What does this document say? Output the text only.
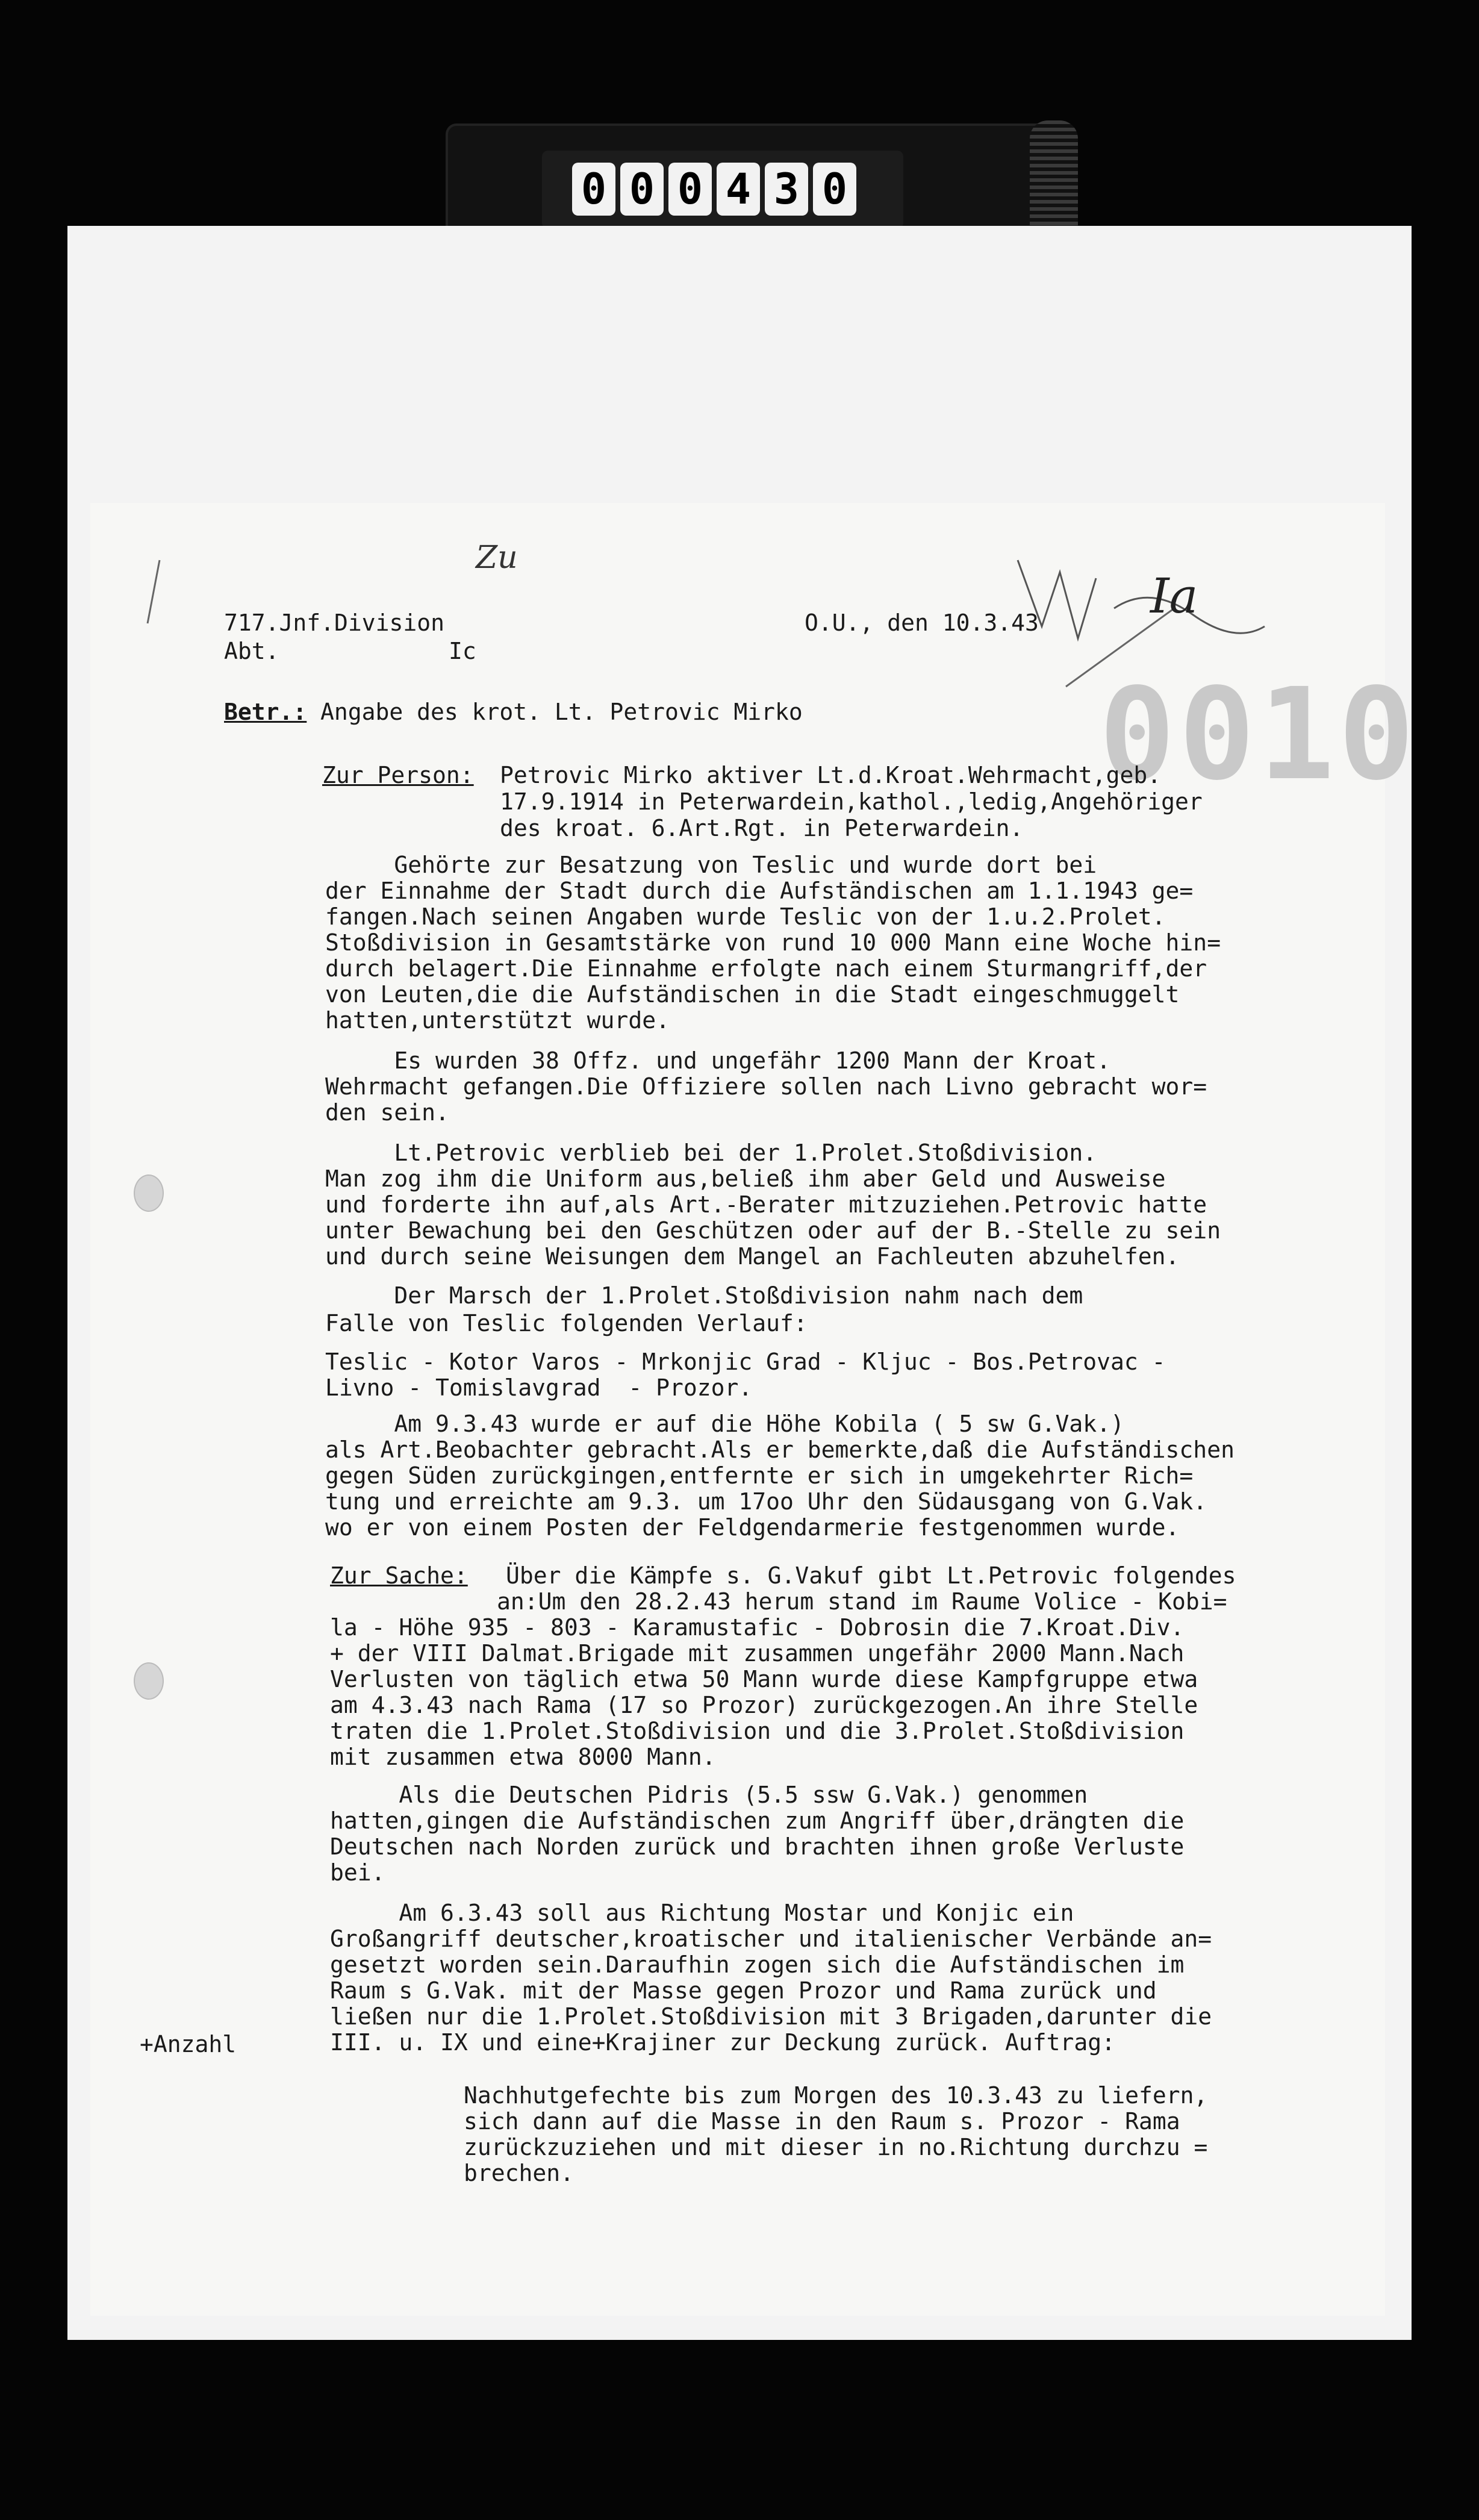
0 0 0 4 3 0
0010
Zu
Ia
717.Jnf.Division
Abt.	Ic
O.U., den 10.3.43
Betr.: Angabe des krot. Lt. Petrovic Mirko
Zur Person: Petrovic Mirko aktiver Lt.d.Kroat.Wehrmacht,geb.
17.9.1914 in Peterwardein,kathol.,ledig,Angehöriger
des kroat. 6.Art.Rgt. in Peterwardein.
Gehörte zur Besatzung von Teslic und wurde dort bei
der Einnahme der Stadt durch die Aufständischen am 1.1.1943 ge=
fangen.Nach seinen Angaben wurde Teslic von der 1.u.2.Prolet.
Stoßdivision in Gesamtstärke von rund 10 000 Mann eine Woche hin=
durch belagert.Die Einnahme erfolgte nach einem Sturmangriff,der
von Leuten,die die Aufständischen in die Stadt eingeschmuggelt
hatten,unterstützt wurde.
Es wurden 38 Offz. und ungefähr 1200 Mann der Kroat.
Wehrmacht gefangen.Die Offiziere sollen nach Livno gebracht wor=
den sein.
Lt.Petrovic verblieb bei der 1.Prolet.Stoßdivision.
Man zog ihm die Uniform aus,beließ ihm aber Geld und Ausweise
und forderte ihn auf,als Art.-Berater mitzuziehen.Petrovic hatte
unter Bewachung bei den Geschützen oder auf der B.-Stelle zu sein
und durch seine Weisungen dem Mangel an Fachleuten abzuhelfen.
Der Marsch der 1.Prolet.Stoßdivision nahm nach dem
Falle von Teslic folgenden Verlauf:
Teslic - Kotor Varos - Mrkonjic Grad - Kljuc - Bos.Petrovac -
Livno - Tomislavgrad  - Prozor.
Am 9.3.43 wurde er auf die Höhe Kobila ( 5 sw G.Vak.)
als Art.Beobachter gebracht.Als er bemerkte,daß die Aufständischen
gegen Süden zurückgingen,entfernte er sich in umgekehrter Rich=
tung und erreichte am 9.3. um 17oo Uhr den Südausgang von G.Vak.
wo er von einem Posten der Feldgendarmerie festgenommen wurde.
Zur Sache: Über die Kämpfe s. G.Vakuf gibt Lt.Petrovic folgendes
an:Um den 28.2.43 herum stand im Raume Volice - Kobi=
la - Höhe 935 - 803 - Karamustafic - Dobrosin die 7.Kroat.Div.
+ der VIII Dalmat.Brigade mit zusammen ungefähr 2000 Mann.Nach
Verlusten von täglich etwa 50 Mann wurde diese Kampfgruppe etwa
am 4.3.43 nach Rama (17 so Prozor) zurückgezogen.An ihre Stelle
traten die 1.Prolet.Stoßdivision und die 3.Prolet.Stoßdivision
mit zusammen etwa 8000 Mann.
Als die Deutschen Pidris (5.5 ssw G.Vak.) genommen
hatten,gingen die Aufständischen zum Angriff über,drängten die
Deutschen nach Norden zurück und brachten ihnen große Verluste
bei.
Am 6.3.43 soll aus Richtung Mostar und Konjic ein
Großangriff deutscher,kroatischer und italienischer Verbände an=
gesetzt worden sein.Daraufhin zogen sich die Aufständischen im
Raum s G.Vak. mit der Masse gegen Prozor und Rama zurück und
ließen nur die 1.Prolet.Stoßdivision mit 3 Brigaden,darunter die
III. u. IX und eine+Krajiner zur Deckung zurück. Auftrag:
+Anzahl
Nachhutgefechte bis zum Morgen des 10.3.43 zu liefern,
sich dann auf die Masse in den Raum s. Prozor - Rama
zurückzuziehen und mit dieser in no.Richtung durchzu =
brechen.
